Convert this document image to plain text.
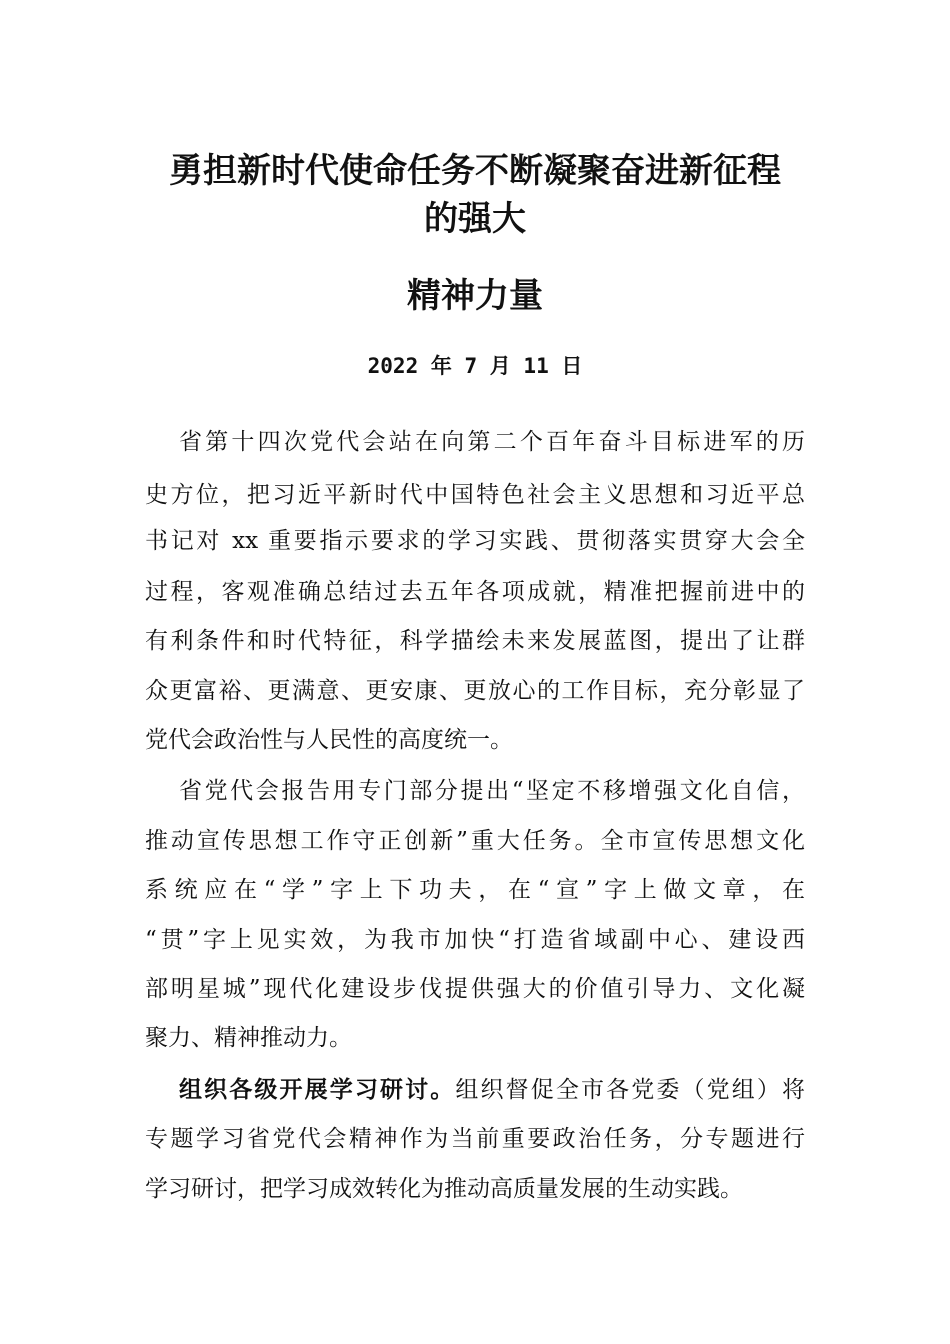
勇担新时代使命任务不断凝聚奋进新征程
的强大
精神力量
2022 年 7 月 11 日
省第十四次党代会站在向第二个百年奋斗目标进军的历
史方位，把习近平新时代中国特色社会主义思想和习近平总
书记对 xx 重要指示要求的学习实践、贯彻落实贯穿大会全
过程，客观准确总结过去五年各项成就，精准把握前进中的
有利条件和时代特征，科学描绘未来发展蓝图，提出了让群
众更富裕、更满意、更安康、更放心的工作目标，充分彰显了
党代会政治性与人民性的高度统一。
省党代会报告用专门部分提出“坚定不移增强文化自信，
推动宣传思想工作守正创新”重大任务。全市宣传思想文化
系统应在“学”字上下功夫，在“宣”字上做文章，在
“贯”字上见实效，为我市加快“打造省域副中心、建设西
部明星城”现代化建设步伐提供强大的价值引导力、文化凝
聚力、精神推动力。
组织各级开展学习研讨。组织督促全市各党委（党组）将
专题学习省党代会精神作为当前重要政治任务，分专题进行
学习研讨，把学习成效转化为推动高质量发展的生动实践。
